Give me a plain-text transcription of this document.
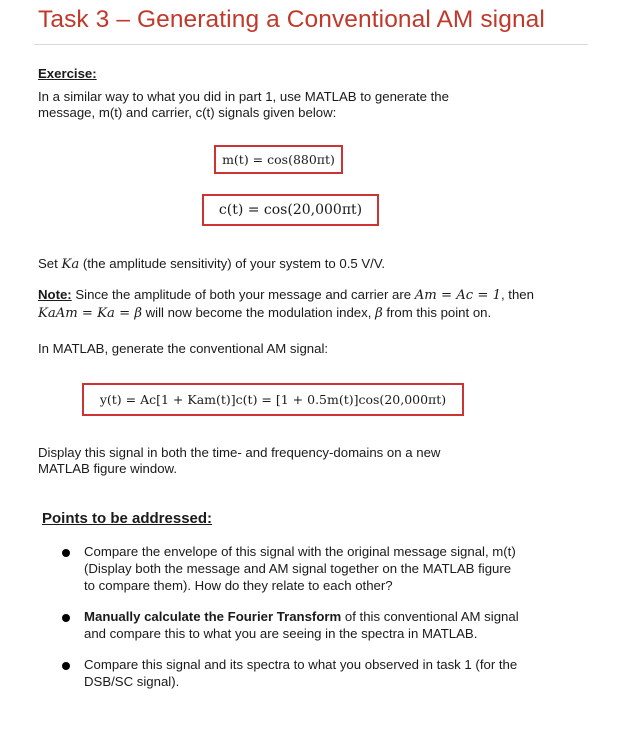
Task 3 – Generating a Conventional AM signal
Exercise:
In a similar way to what you did in part 1, use MATLAB to generate the
message, m(t) and carrier, c(t) signals given below:
m(t) = cos(880πt)
c(t) = cos(20,000πt)
Set Ka (the amplitude sensitivity) of your system to 0.5 V/V.
Note: Since the amplitude of both your message and carrier are Am = Ac = 1, then
KaAm = Ka = β will now become the modulation index, β from this point on.
In MATLAB, generate the conventional AM signal:
y(t) = Ac[1 + Kam(t)]c(t) = [1 + 0.5m(t)]cos(20,000πt)
Display this signal in both the time- and frequency-domains on a new
MATLAB figure window.
Points to be addressed:
Compare the envelope of this signal with the original message signal, m(t)
(Display both the message and AM signal together on the MATLAB figure
to compare them). How do they relate to each other?
Manually calculate the Fourier Transform of this conventional AM signal
and compare this to what you are seeing in the spectra in MATLAB.
Compare this signal and its spectra to what you observed in task 1 (for the
DSB/SC signal).
